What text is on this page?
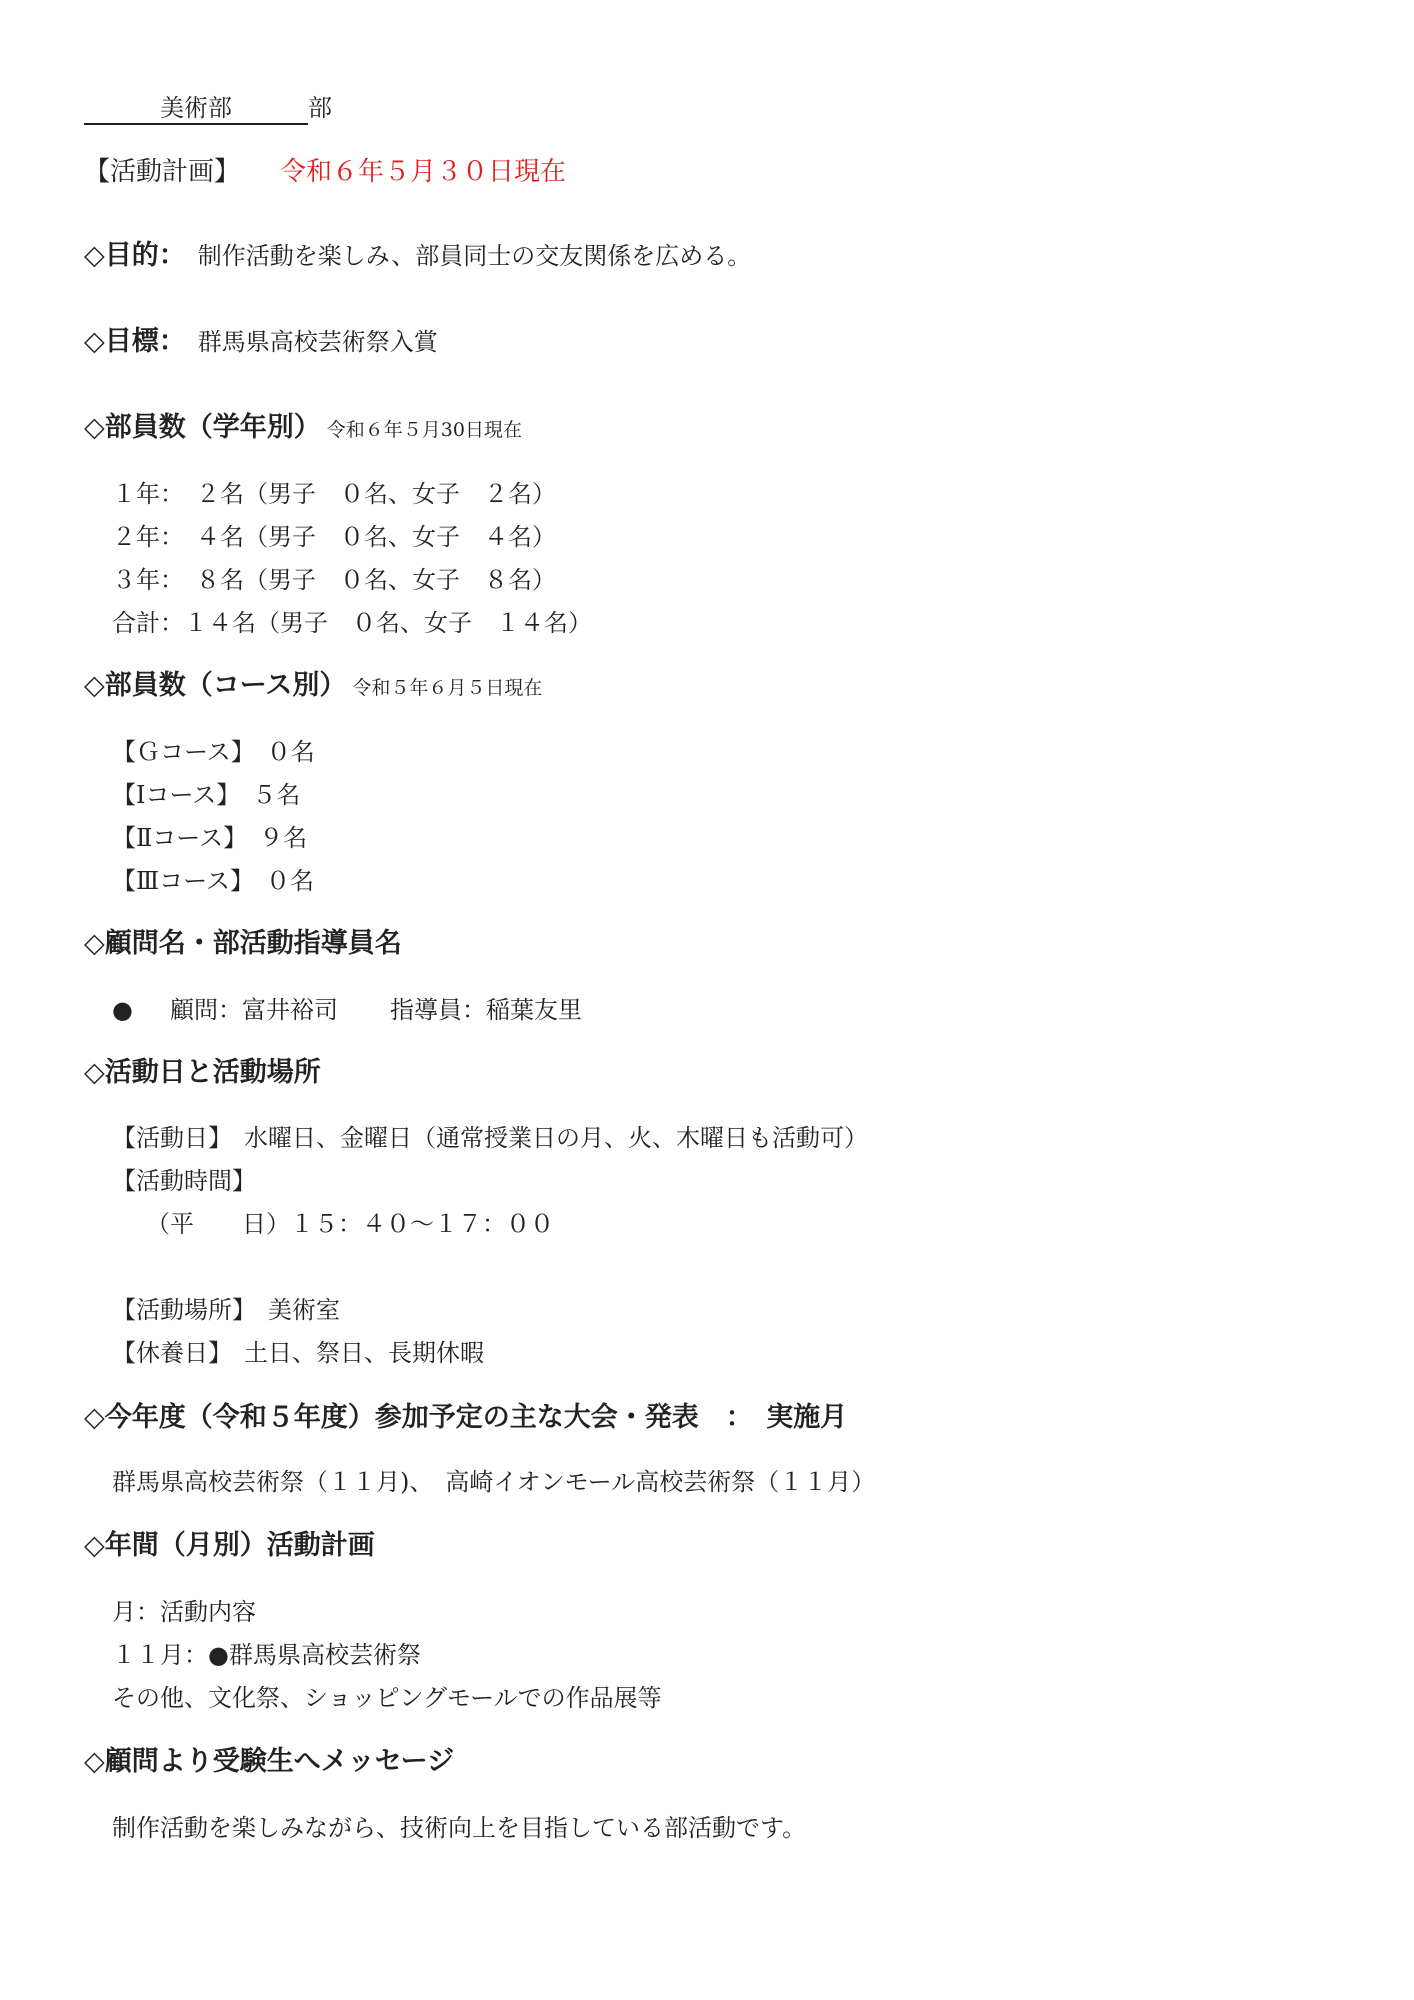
美術部	部
【活動計画】 令和６年５月３０日現在
◇目的： 制作活動を楽しみ、部員同士の交友関係を広める。
◇目標： 群馬県高校芸術祭入賞
◇部員数（学年別） 令和６年５月30日現在
１年：　２名（男子　０名、女子　２名）
２年：　４名（男子　０名、女子　４名）
３年：　８名（男子　０名、女子　８名）
合計：１４名（男子　０名、女子　１４名）
◇部員数（コース別） 令和５年６月５日現在
【Ｇコース】　０名
【Ⅰコース】　５名
【Ⅱコース】　９名
【Ⅲコース】　０名
◇顧問名・部活動指導員名
● 顧問：富井裕司 指導員：稲葉友里
◇活動日と活動場所
【活動日】　水曜日、金曜日（通常授業日の月、火、木曜日も活動可）
【活動時間】
（平　　日）１５：４０～１７：００
【活動場所】　美術室
【休養日】　土日、祭日、長期休暇
◇今年度（令和５年度）参加予定の主な大会・発表　：　実施月
群馬県高校芸術祭（１１月)、　高崎イオンモール高校芸術祭（１１月）
◇年間（月別）活動計画
月：活動内容
１１月：●群馬県高校芸術祭
その他、文化祭、ショッピングモールでの作品展等
◇顧問より受験生へメッセージ
制作活動を楽しみながら、技術向上を目指している部活動です。
